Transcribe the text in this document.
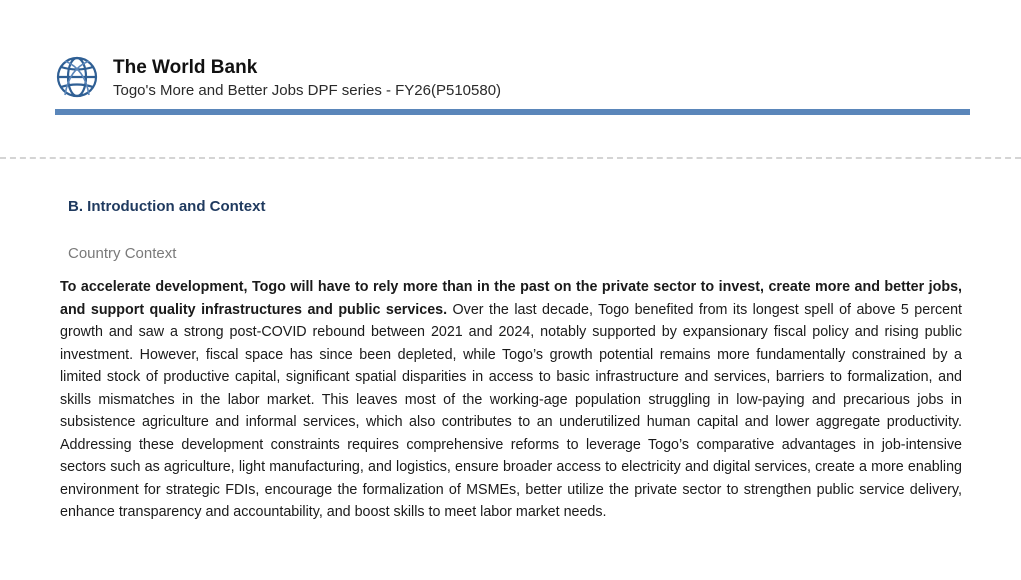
The World Bank
Togo's More and Better Jobs DPF series - FY26(P510580)
B. Introduction and Context
Country Context

To accelerate development, Togo will have to rely more than in the past on the private sector to invest, create more and better jobs, and support quality infrastructures and public services. Over the last decade, Togo benefited from its longest spell of above 5 percent growth and saw a strong post-COVID rebound between 2021 and 2024, notably supported by expansionary fiscal policy and rising public investment. However, fiscal space has since been depleted, while Togo’s growth potential remains more fundamentally constrained by a limited stock of productive capital, significant spatial disparities in access to basic infrastructure and services, barriers to formalization, and skills mismatches in the labor market. This leaves most of the working-age population struggling in low-paying and precarious jobs in subsistence agriculture and informal services, which also contributes to an underutilized human capital and lower aggregate productivity. Addressing these development constraints requires comprehensive reforms to leverage Togo’s comparative advantages in job-intensive sectors such as agriculture, light manufacturing, and logistics, ensure broader access to electricity and digital services, create a more enabling environment for strategic FDIs, encourage the formalization of MSMEs, better utilize the private sector to strengthen public service delivery, enhance transparency and accountability, and boost skills to meet labor market needs.
